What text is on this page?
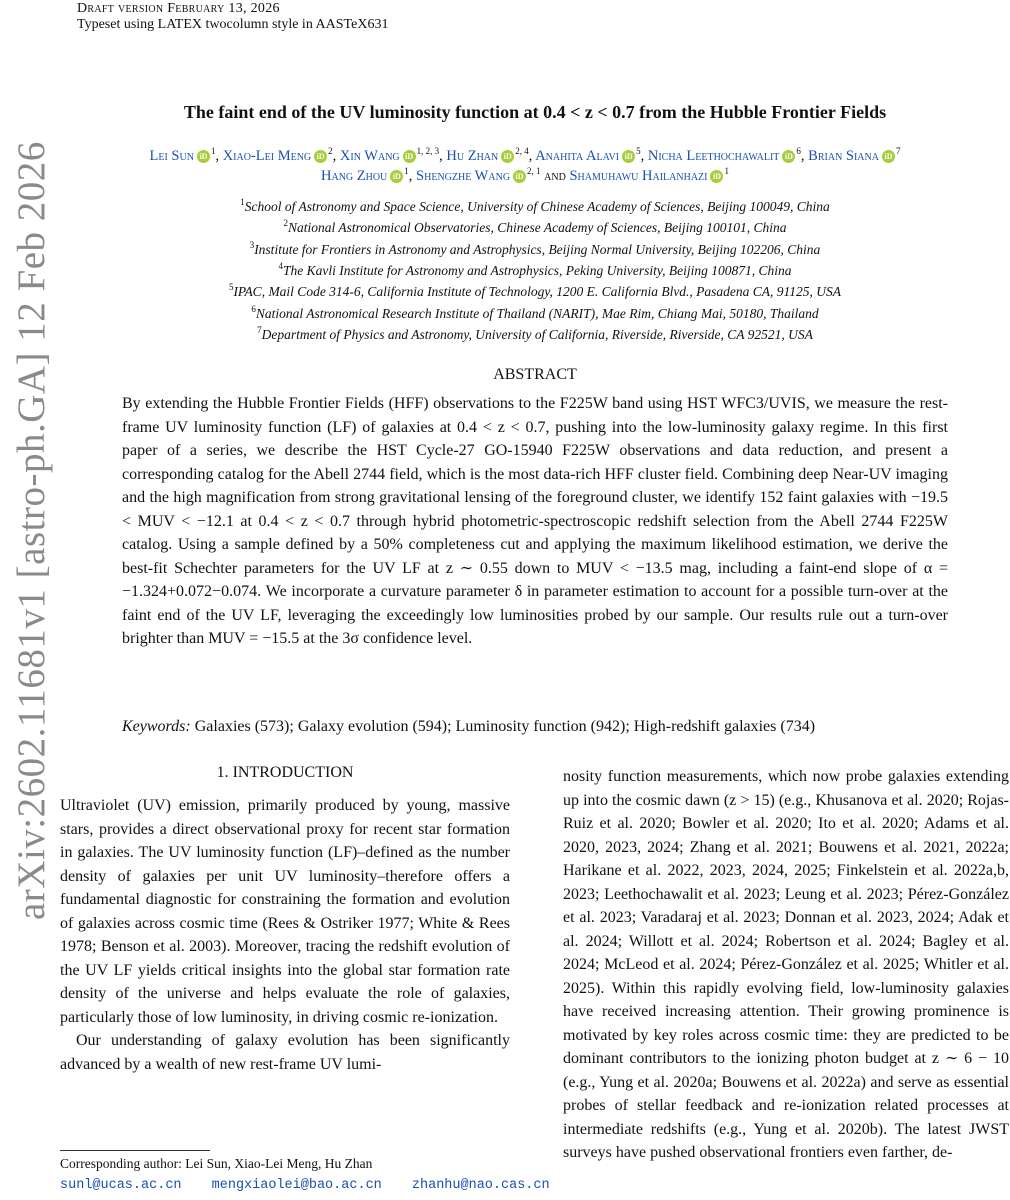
Draft version February 13, 2026
Typeset using LATEX twocolumn style in AASTeX631
arXiv:2602.11681v1 [astro-ph.GA] 12 Feb 2026
The faint end of the UV luminosity function at 0.4 < z < 0.7 from the Hubble Frontier Fields
Lei Sun $iD^1$, Xiao-Lei Meng $iD^2$, Xin Wang iD$^{1, 2, 3}$, Hu Zhan iD$^{2, 4}$, Anahita Alavi $iD^5$, Nicha Leethochawalit $iD^6$, Brian Siana $iD^7$
Hang Zhou $iD^1$, Shengzhe Wang iD$^{2, 1}$ and Shamuhawu Hailanhazi $iD^1$
$^1$School of Astronomy and Space Science, University of Chinese Academy of Sciences, Beijing 100049, China
$^2$National Astronomical Observatories, Chinese Academy of Sciences, Beijing 100101, China
$^3$Institute for Frontiers in Astronomy and Astrophysics, Beijing Normal University, Beijing 102206, China
$^4$The Kavli Institute for Astronomy and Astrophysics, Peking University, Beijing 100871, China
$^5$IPAC, Mail Code 314-6, California Institute of Technology, 1200 E. California Blvd., Pasadena CA, 91125, USA
$^6$National Astronomical Research Institute of Thailand (NARIT), Mae Rim, Chiang Mai, 50180, Thailand
$^7$Department of Physics and Astronomy, University of California, Riverside, Riverside, CA 92521, USA
ABSTRACT
By extending the Hubble Frontier Fields (HFF) observations to the F225W band using HST WFC3/UVIS, we measure the rest-frame UV luminosity function (LF) of galaxies at 0.4 < z < 0.7, pushing into the low-luminosity galaxy regime. In this first paper of a series, we describe the HST Cycle-27 GO-15940 F225W observations and data reduction, and present a corresponding catalog for the Abell 2744 field, which is the most data-rich HFF cluster field. Combining deep Near-UV imaging and the high magnification from strong gravitational lensing of the foreground cluster, we identify 152 faint galaxies with −19.5 < MUV < −12.1 at 0.4 < z < 0.7 through hybrid photometric-spectroscopic redshift selection from the Abell 2744 F225W catalog. Using a sample defined by a 50% completeness cut and applying the maximum likelihood estimation, we derive the best-fit Schechter parameters for the UV LF at z ∼ 0.55 down to MUV < −13.5 mag, including a faint-end slope of α = −1.324+0.072−0.074. We incorporate a curvature parameter δ in parameter estimation to account for a possible turn-over at the faint end of the UV LF, leveraging the exceedingly low luminosities probed by our sample. Our results rule out a turn-over brighter than MUV = −15.5 at the 3σ confidence level.
Keywords: Galaxies (573); Galaxy evolution (594); Luminosity function (942); High-redshift galaxies (734)
1. INTRODUCTION

Ultraviolet (UV) emission, primarily produced by young, massive stars, provides a direct observational proxy for recent star formation in galaxies. The UV luminosity function (LF)–defined as the number density of galaxies per unit UV luminosity–therefore offers a fundamental diagnostic for constraining the formation and evolution of galaxies across cosmic time (Rees & Ostriker 1977; White & Rees 1978; Benson et al. 2003). Moreover, tracing the redshift evolution of the UV LF yields critical insights into the global star formation rate density of the universe and helps evaluate the role of galaxies, particularly those of low luminosity, in driving cosmic re-ionization.

Our understanding of galaxy evolution has been significantly advanced by a wealth of new rest-frame UV lumi-

nosity function measurements, which now probe galaxies extending up into the cosmic dawn (z > 15) (e.g., Khusanova et al. 2020; Rojas-Ruiz et al. 2020; Bowler et al. 2020; Ito et al. 2020; Adams et al. 2020, 2023, 2024; Zhang et al. 2021; Bouwens et al. 2021, 2022a; Harikane et al. 2022, 2023, 2024, 2025; Finkelstein et al. 2022a,b, 2023; Leethochawalit et al. 2023; Leung et al. 2023; Pérez-González et al. 2023; Varadaraj et al. 2023; Donnan et al. 2023, 2024; Adak et al. 2024; Willott et al. 2024; Robertson et al. 2024; Bagley et al. 2024; McLeod et al. 2024; Pérez-González et al. 2025; Whitler et al. 2025). Within this rapidly evolving field, low-luminosity galaxies have received increasing attention. Their growing prominence is motivated by key roles across cosmic time: they are predicted to be dominant contributors to the ionizing photon budget at z ∼ 6 − 10 (e.g., Yung et al. 2020a; Bouwens et al. 2022a) and serve as essential probes of stellar feedback and re-ionization related processes at intermediate redshifts (e.g., Yung et al. 2020b). The latest JWST surveys have pushed observational frontiers even farther, de-

Corresponding author: Lei Sun, Xiao-Lei Meng, Hu Zhan
sunl@ucas.ac.cn mengxiaolei@bao.ac.cn zhanhu@nao.cas.cn
